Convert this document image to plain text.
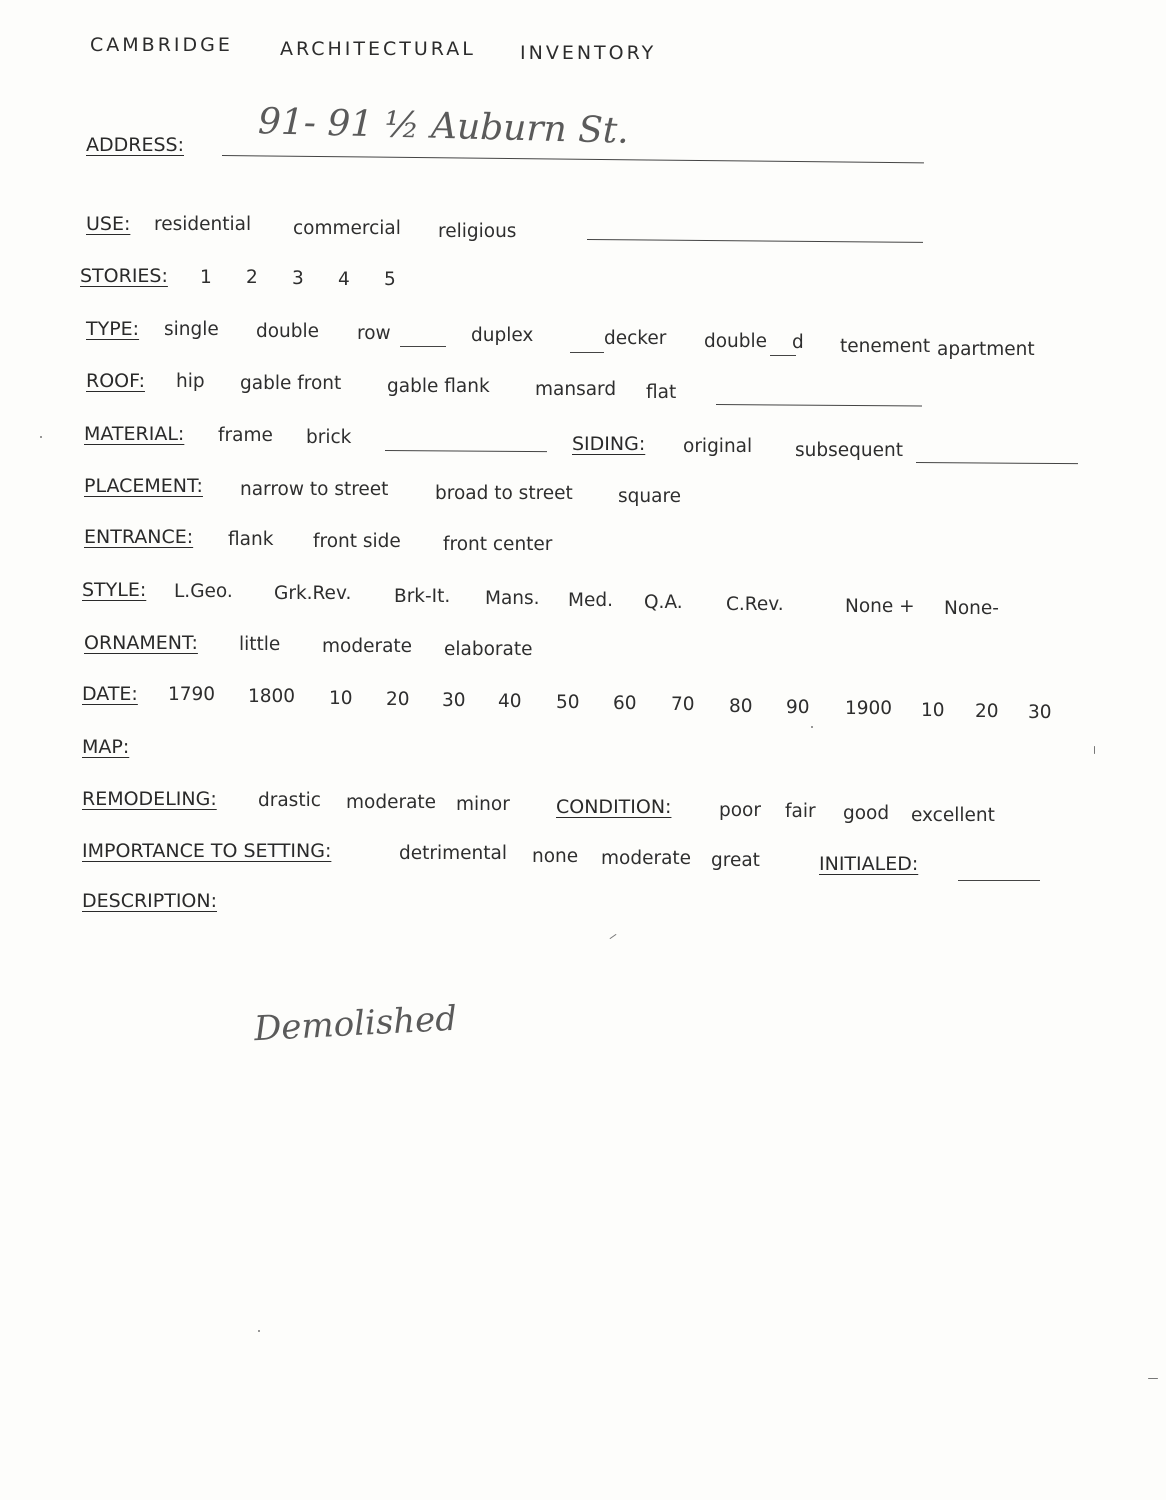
CAMBRIDGE ARCHITECTURAL INVENTORY
ADDRESS: 91- 91 ½ Auburn St.
USE: residential commercial religious
STORIES: 1 2 3 4 5
TYPE: single double row	duplex	decker double d tenement apartment
ROOF: hip gable front gable flank mansard flat
MATERIAL: frame brick	SIDING: original subsequent
PLACEMENT: narrow to street	broad to street square
ENTRANCE: flank front side front center
STYLE: L.Geo. Grk.Rev. Brk-It. Mans. Med. Q.A. C.Rev.	None + None-
ORNAMENT: little moderate elaborate
DATE: 1790 1800 10 20 30 40 50 60 70 80 90 1900 10 20 30
MAP:
REMODELING: drastic moderate minor CONDITION:	poor fair good excellent
IMPORTANCE TO SETTING:	detrimental none moderate great	INITIALED:
DESCRIPTION:
Demolished
